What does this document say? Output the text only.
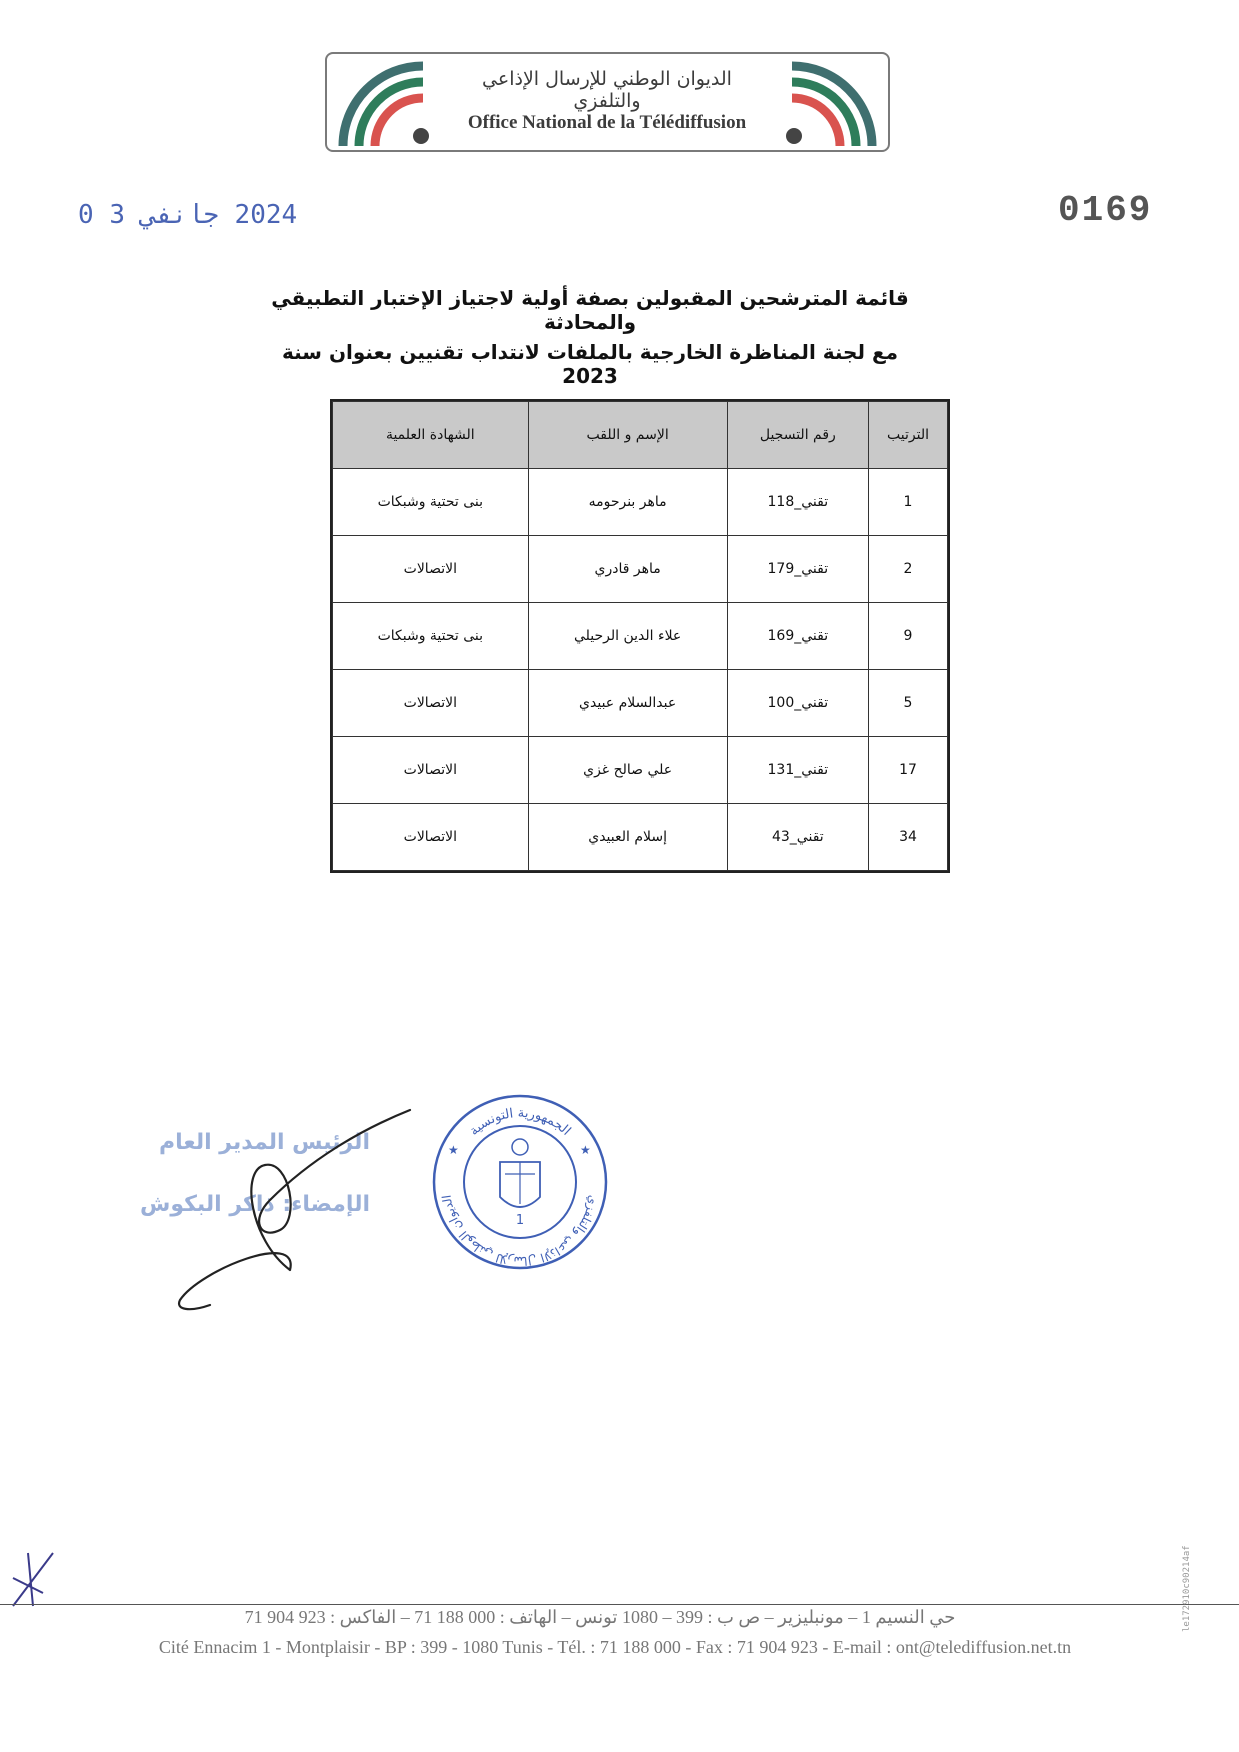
الديوان الوطني للإرسال الإذاعي والتلفزي
Office National de la Télédiffusion
2024 جانفي 3 0	0169
قائمة المترشحين المقبولين بصفة أولية لاجتياز الإختبار التطبيقي والمحادثة
مع لجنة المناظرة الخارجية بالملفات لانتداب تقنيين بعنوان سنة 2023
الترتيب	رقم التسجيل	الإسم و اللقب	الشهادة العلمية
1	تقني_118	ماهر بنرحومه	بنى تحتية وشبكات
2	تقني_179	ماهر قادري	الاتصالات
9	تقني_169	علاء الدين الرحيلي	بنى تحتية وشبكات
5	تقني_100	عبدالسلام عبيدي	الاتصالات
17	تقني_131	علي صالح غزي	الاتصالات
34	تقني_43	إسلام العبيدي	الاتصالات
الرئيس المدير العام
الإمضاء: ذاكر البكوش
الجمهورية التونسية
الديوان الوطني للإرسال الإذاعي والتلفزي
1
★	★
حي النسيم 1 – مونبليزير – ص ب : 399 – 1080 تونس – الهاتف : 000 188 71 – الفاكس : 923 904 71
Cité Ennacim 1 - Montplaisir - BP : 399 - 1080 Tunis - Tél. : 71 188 000 - Fax : 71 904 923 - E-mail : ont@telediffusion.net.tn
le172910c90214af
